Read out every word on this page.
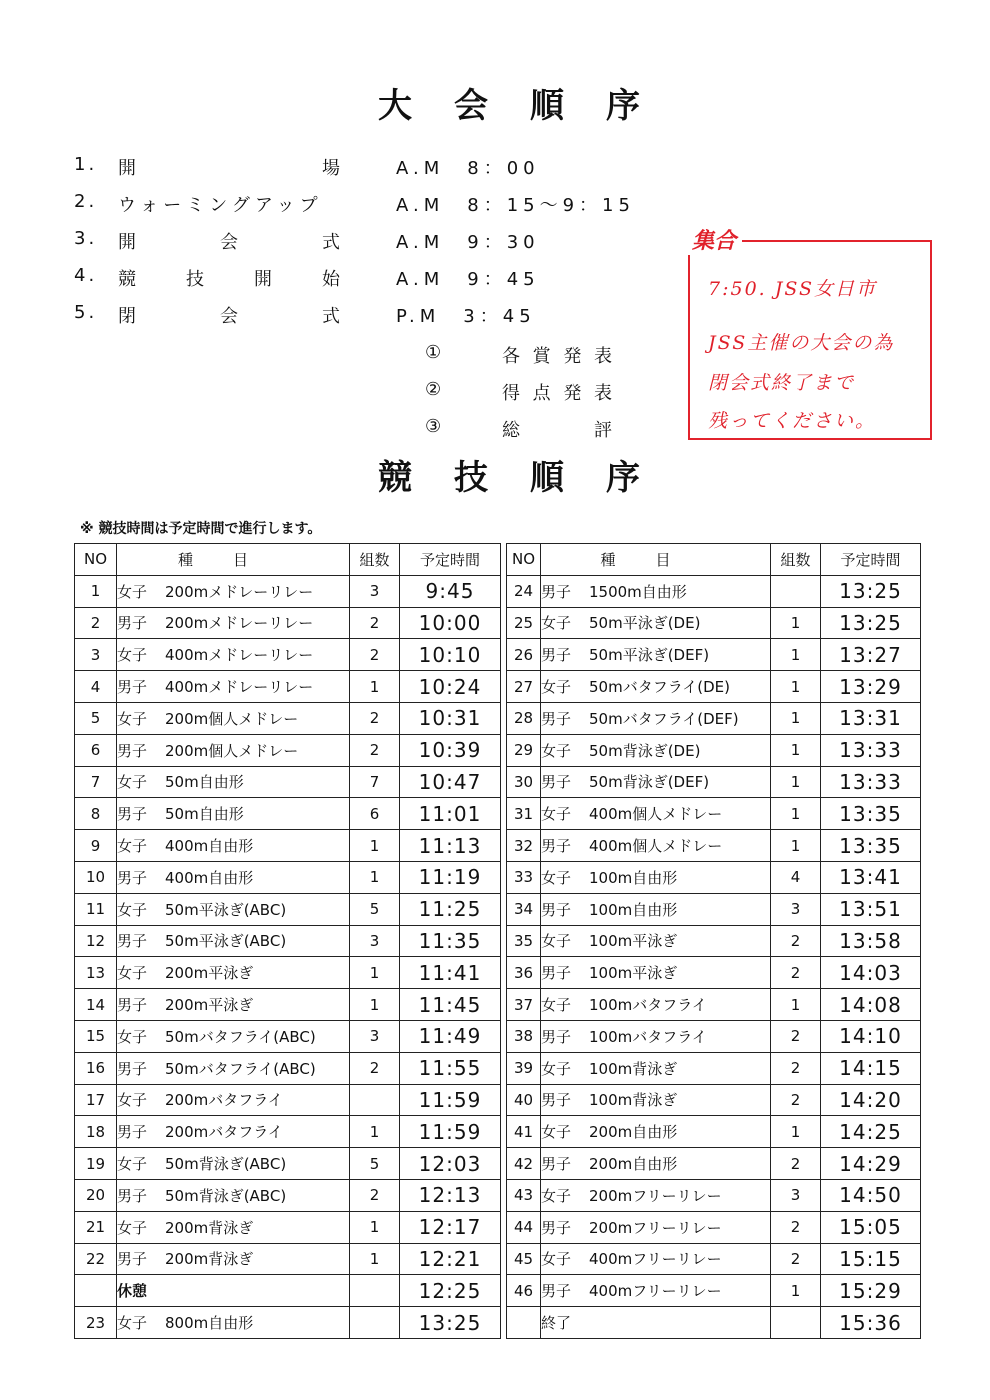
大会順序
1. 開	場	A.M　8：00
2. ウォーミングアップ	A.M　8：15～9：15
3. 開	会	式	A.M　9：30
4. 競	技	開	始	A.M　9：45
5. 閉	会	式	P.M　3：45
①	各 賞 発 表
②	得 点 発 表
③	総	評
集合
7:50. JSS女日市
JSS主催の大会の為
閉会式終了まで
残ってください。
競技順序
※ 競技時間は予定時間で進行します。
NO	種目	組数	予定時間
1	女子 200mメドレーリレー	3	9:45
2	男子 200mメドレーリレー	2	10:00
3	女子 400mメドレーリレー	2	10:10
4	男子 400mメドレーリレー	1	10:24
5	女子 200m個人メドレー	2	10:31
6	男子 200m個人メドレー	2	10:39
7	女子 50m自由形	7	10:47
8	男子 50m自由形	6	11:01
9	女子 400m自由形	1	11:13
10	男子 400m自由形	1	11:19
11	女子 50m平泳ぎ(ABC)	5	11:25
12	男子 50m平泳ぎ(ABC)	3	11:35
13	女子 200m平泳ぎ	1	11:41
14	男子 200m平泳ぎ	1	11:45
15	女子 50mバタフライ(ABC)	3	11:49
16	男子 50mバタフライ(ABC)	2	11:55
17	女子 200mバタフライ		11:59
18	男子 200mバタフライ	1	11:59
19	女子 50m背泳ぎ(ABC)	5	12:03
20	男子 50m背泳ぎ(ABC)	2	12:13
21	女子 200m背泳ぎ	1	12:17
22	男子 200m背泳ぎ	1	12:21
	休憩		12:25
23	女子 800m自由形		13:25
NO	種目	組数	予定時間
24	男子 1500m自由形		13:25
25	女子 50m平泳ぎ(DE)	1	13:25
26	男子 50m平泳ぎ(DEF)	1	13:27
27	女子 50mバタフライ(DE)	1	13:29
28	男子 50mバタフライ(DEF)	1	13:31
29	女子 50m背泳ぎ(DE)	1	13:33
30	男子 50m背泳ぎ(DEF)	1	13:33
31	女子 400m個人メドレー	1	13:35
32	男子 400m個人メドレー	1	13:35
33	女子 100m自由形	4	13:41
34	男子 100m自由形	3	13:51
35	女子 100m平泳ぎ	2	13:58
36	男子 100m平泳ぎ	2	14:03
37	女子 100mバタフライ	1	14:08
38	男子 100mバタフライ	2	14:10
39	女子 100m背泳ぎ	2	14:15
40	男子 100m背泳ぎ	2	14:20
41	女子 200m自由形	1	14:25
42	男子 200m自由形	2	14:29
43	女子 200mフリーリレー	3	14:50
44	男子 200mフリーリレー	2	15:05
45	女子 400mフリーリレー	2	15:15
46	男子 400mフリーリレー	1	15:29
	終了		15:36
